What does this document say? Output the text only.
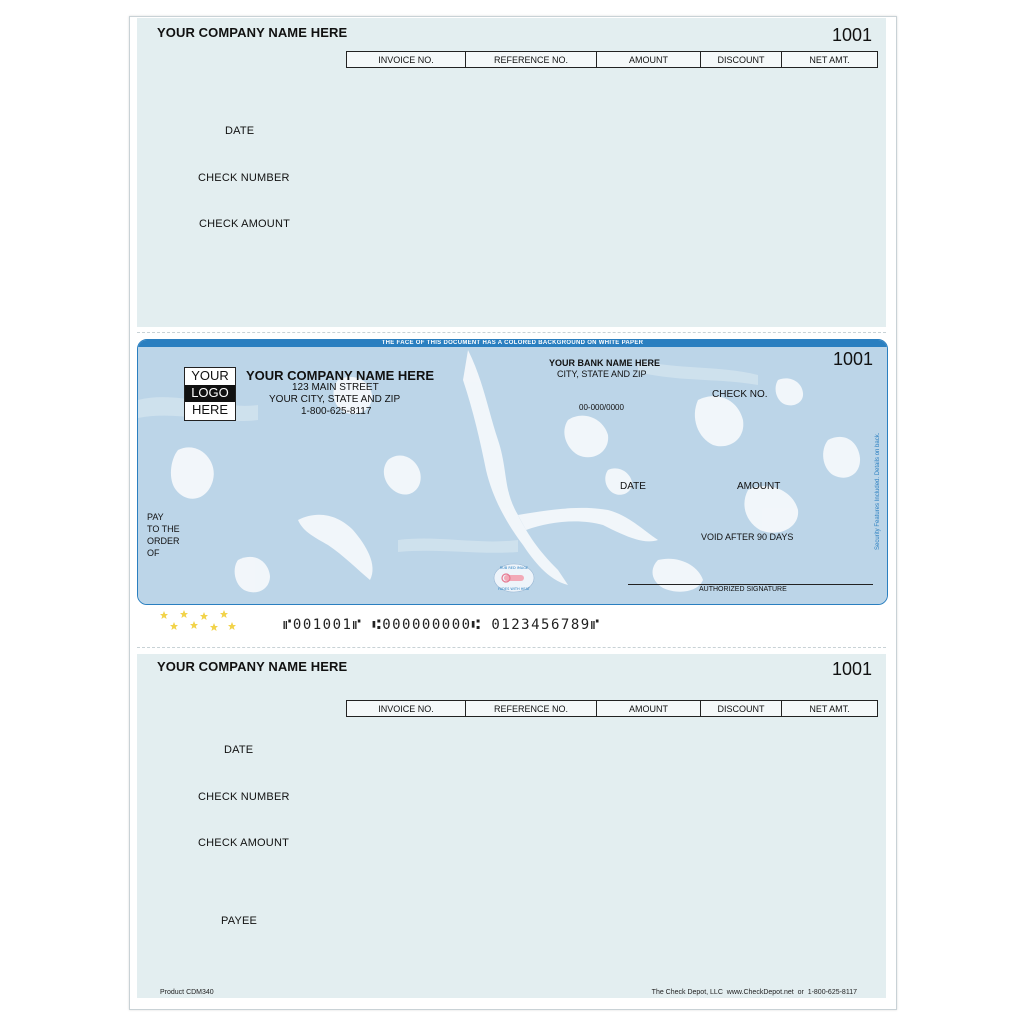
YOUR COMPANY NAME HERE	1001
INVOICE NO.	REFERENCE NO.	AMOUNT	DISCOUNT	NET AMT.
DATE
CHECK NUMBER
CHECK AMOUNT
THE FACE OF THIS DOCUMENT HAS A COLORED BACKGROUND ON WHITE PAPER
YOUR
LOGO
HERE
YOUR COMPANY NAME HERE
123 MAIN STREET
YOUR CITY, STATE AND ZIP
1-800-625-8117
YOUR BANK NAME HERE
CITY, STATE AND ZIP
00-000/0000
1001
CHECK NO.
DATE	AMOUNT
VOID AFTER 90 DAYS
PAY
TO THE
ORDER
OF
AUTHORIZED SIGNATURE
RUB RED IMAGE
FADES WITH HEAT
Security Features Included. Details on back.
⑈001001⑈ ⑆000000000⑆ 0123456789⑈
YOUR COMPANY NAME HERE	1001
INVOICE NO.	REFERENCE NO.	AMOUNT	DISCOUNT	NET AMT.
DATE
CHECK NUMBER
CHECK AMOUNT
PAYEE
Product CDM340	The Check Depot, LLC  www.CheckDepot.net  or  1-800-625-8117
